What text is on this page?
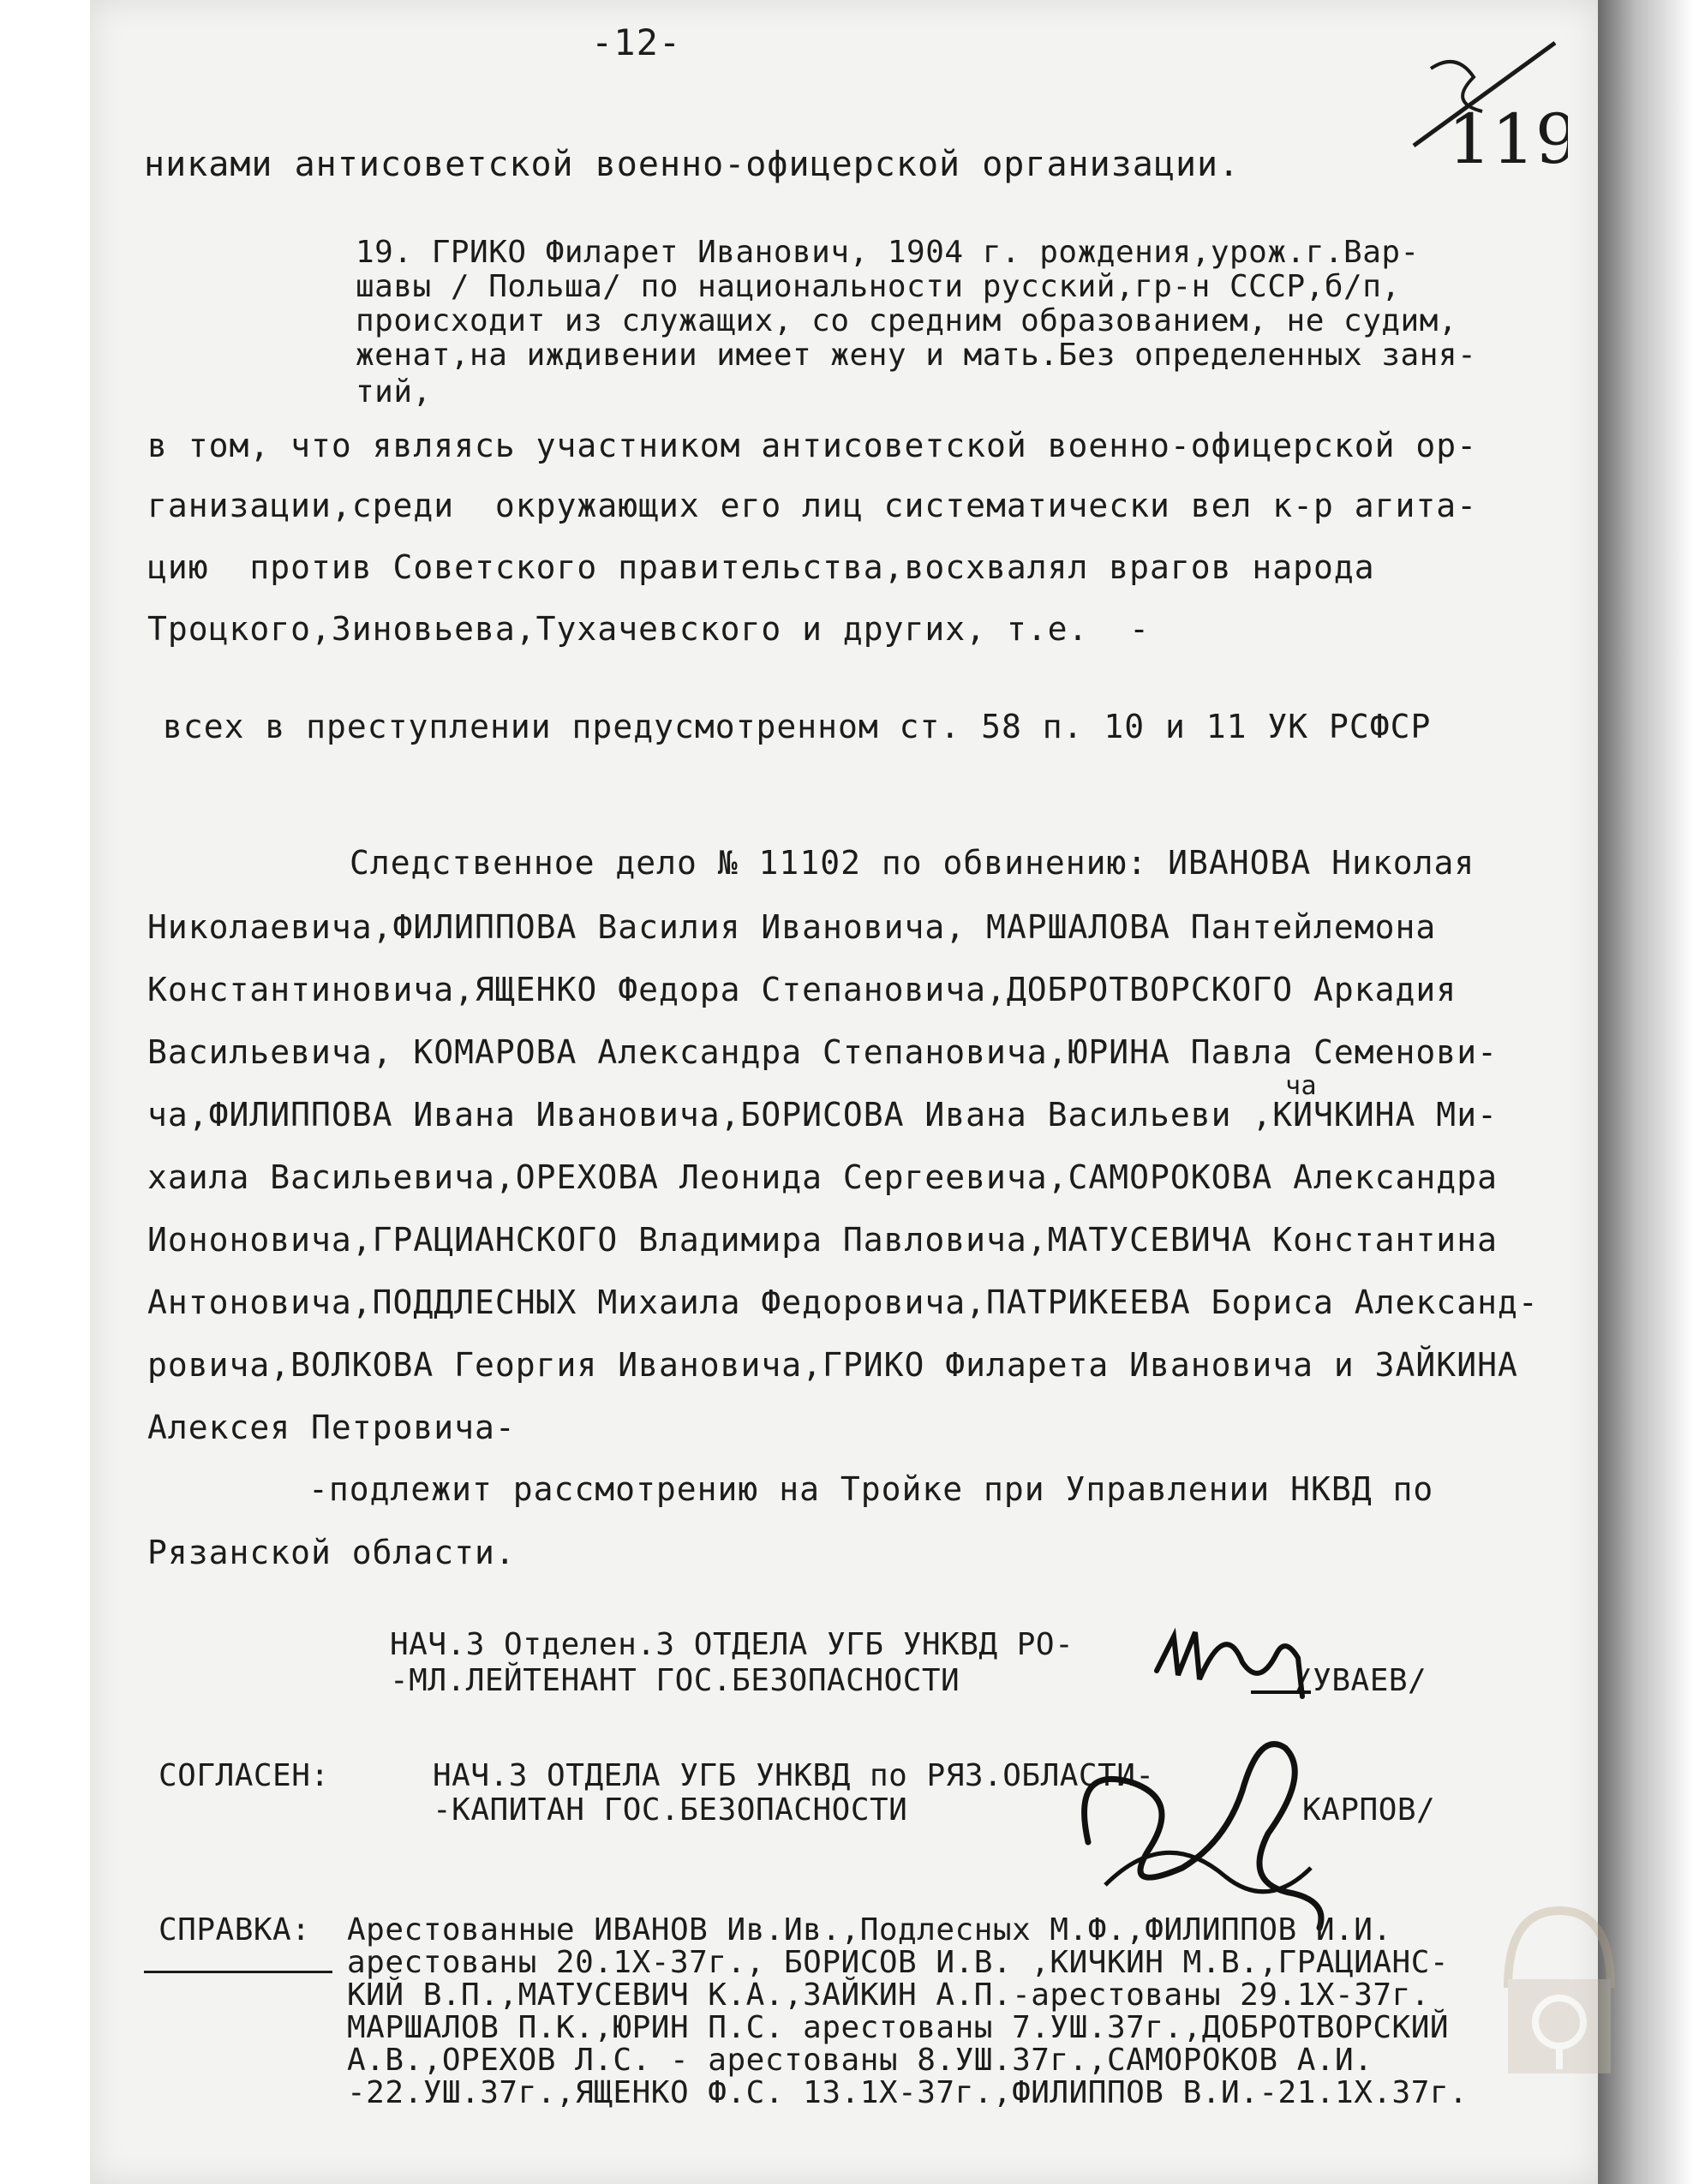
-12-
119
никами антисоветской военно-офицерской организации.
19. ГРИКО Филарет Иванович, 1904 г. рождения,урож.г.Вар-
шавы / Польша/ по национальности русский,гр-н СССР,б/п,
происходит из служащих, со средним образованием, не судим,
женат,на иждивении имеет жену и мать.Без определенных заня-
тий,
в том, что являясь участником антисоветской военно-офицерской ор-
ганизации,среди  окружающих его лиц систематически вел к-р агита-
цию  против Советского правительства,восхвалял врагов народа
Троцкого,Зиновьева,Тухачевского и других, т.е.  -
всех в преступлении предусмотренном ст. 58 п. 10 и 11 УК РСФСР
Следственное дело № 11102 по обвинению: ИВАНОВА Николая
Николаевича,ФИЛИППОВА Василия Ивановича, МАРШАЛОВА Пантейлемона
Константиновича,ЯЩЕНКО Федора Степановича,ДОБРОТВОРСКОГО Аркадия
Васильевича, КОМАРОВА Александра Степановича,ЮРИНА Павла Семенови-
ча
ча,ФИЛИППОВА Ивана Ивановича,БОРИСОВА Ивана Васильеви ,КИЧКИНА Ми-
хаила Васильевича,ОРЕХОВА Леонида Сергеевича,САМОРОКОВА Александра
Иононовича,ГРАЦИАНСКОГО Владимира Павловича,МАТУСЕВИЧА Константина
Антоновича,ПОДДЛЕСНЫХ Михаила Федоровича,ПАТРИКЕЕВА Бориса Александ-
ровича,ВОЛКОВА Георгия Ивановича,ГРИКО Филарета Ивановича и ЗАЙКИНА
Алексея Петровича-
-подлежит рассмотрению на Тройке при Управлении НКВД по
Рязанской области.
НАЧ.3 Отделен.3 ОТДЕЛА УГБ УНКВД РО-
-МЛ.ЛЕЙТЕНАНТ ГОС.БЕЗОПАСНОСТИ	/УВАЕВ/
СОГЛАСЕН:	НАЧ.3 ОТДЕЛА УГБ УНКВД по РЯЗ.ОБЛАСТИ-
-КАПИТАН ГОС.БЕЗОПАСНОСТИ	КАРПОВ/
СПРАВКА: Арестованные ИВАНОВ Ив.Ив.,Подлесных М.Ф.,ФИЛИППОВ И.И.
арестованы 20.1Х-37г., БОРИСОВ И.В. ,КИЧКИН М.В.,ГРАЦИАНС-
КИЙ В.П.,МАТУСЕВИЧ К.А.,ЗАЙКИН А.П.-арестованы 29.1Х-37г.
МАРШАЛОВ П.К.,ЮРИН П.С. арестованы 7.УШ.37г.,ДОБРОТВОРСКИЙ
А.В.,ОРЕХОВ Л.С. - арестованы 8.УШ.37г.,САМОРОКОВ А.И.
-22.УШ.37г.,ЯЩЕНКО Ф.С. 13.1Х-37г.,ФИЛИППОВ В.И.-21.1Х.37г.
